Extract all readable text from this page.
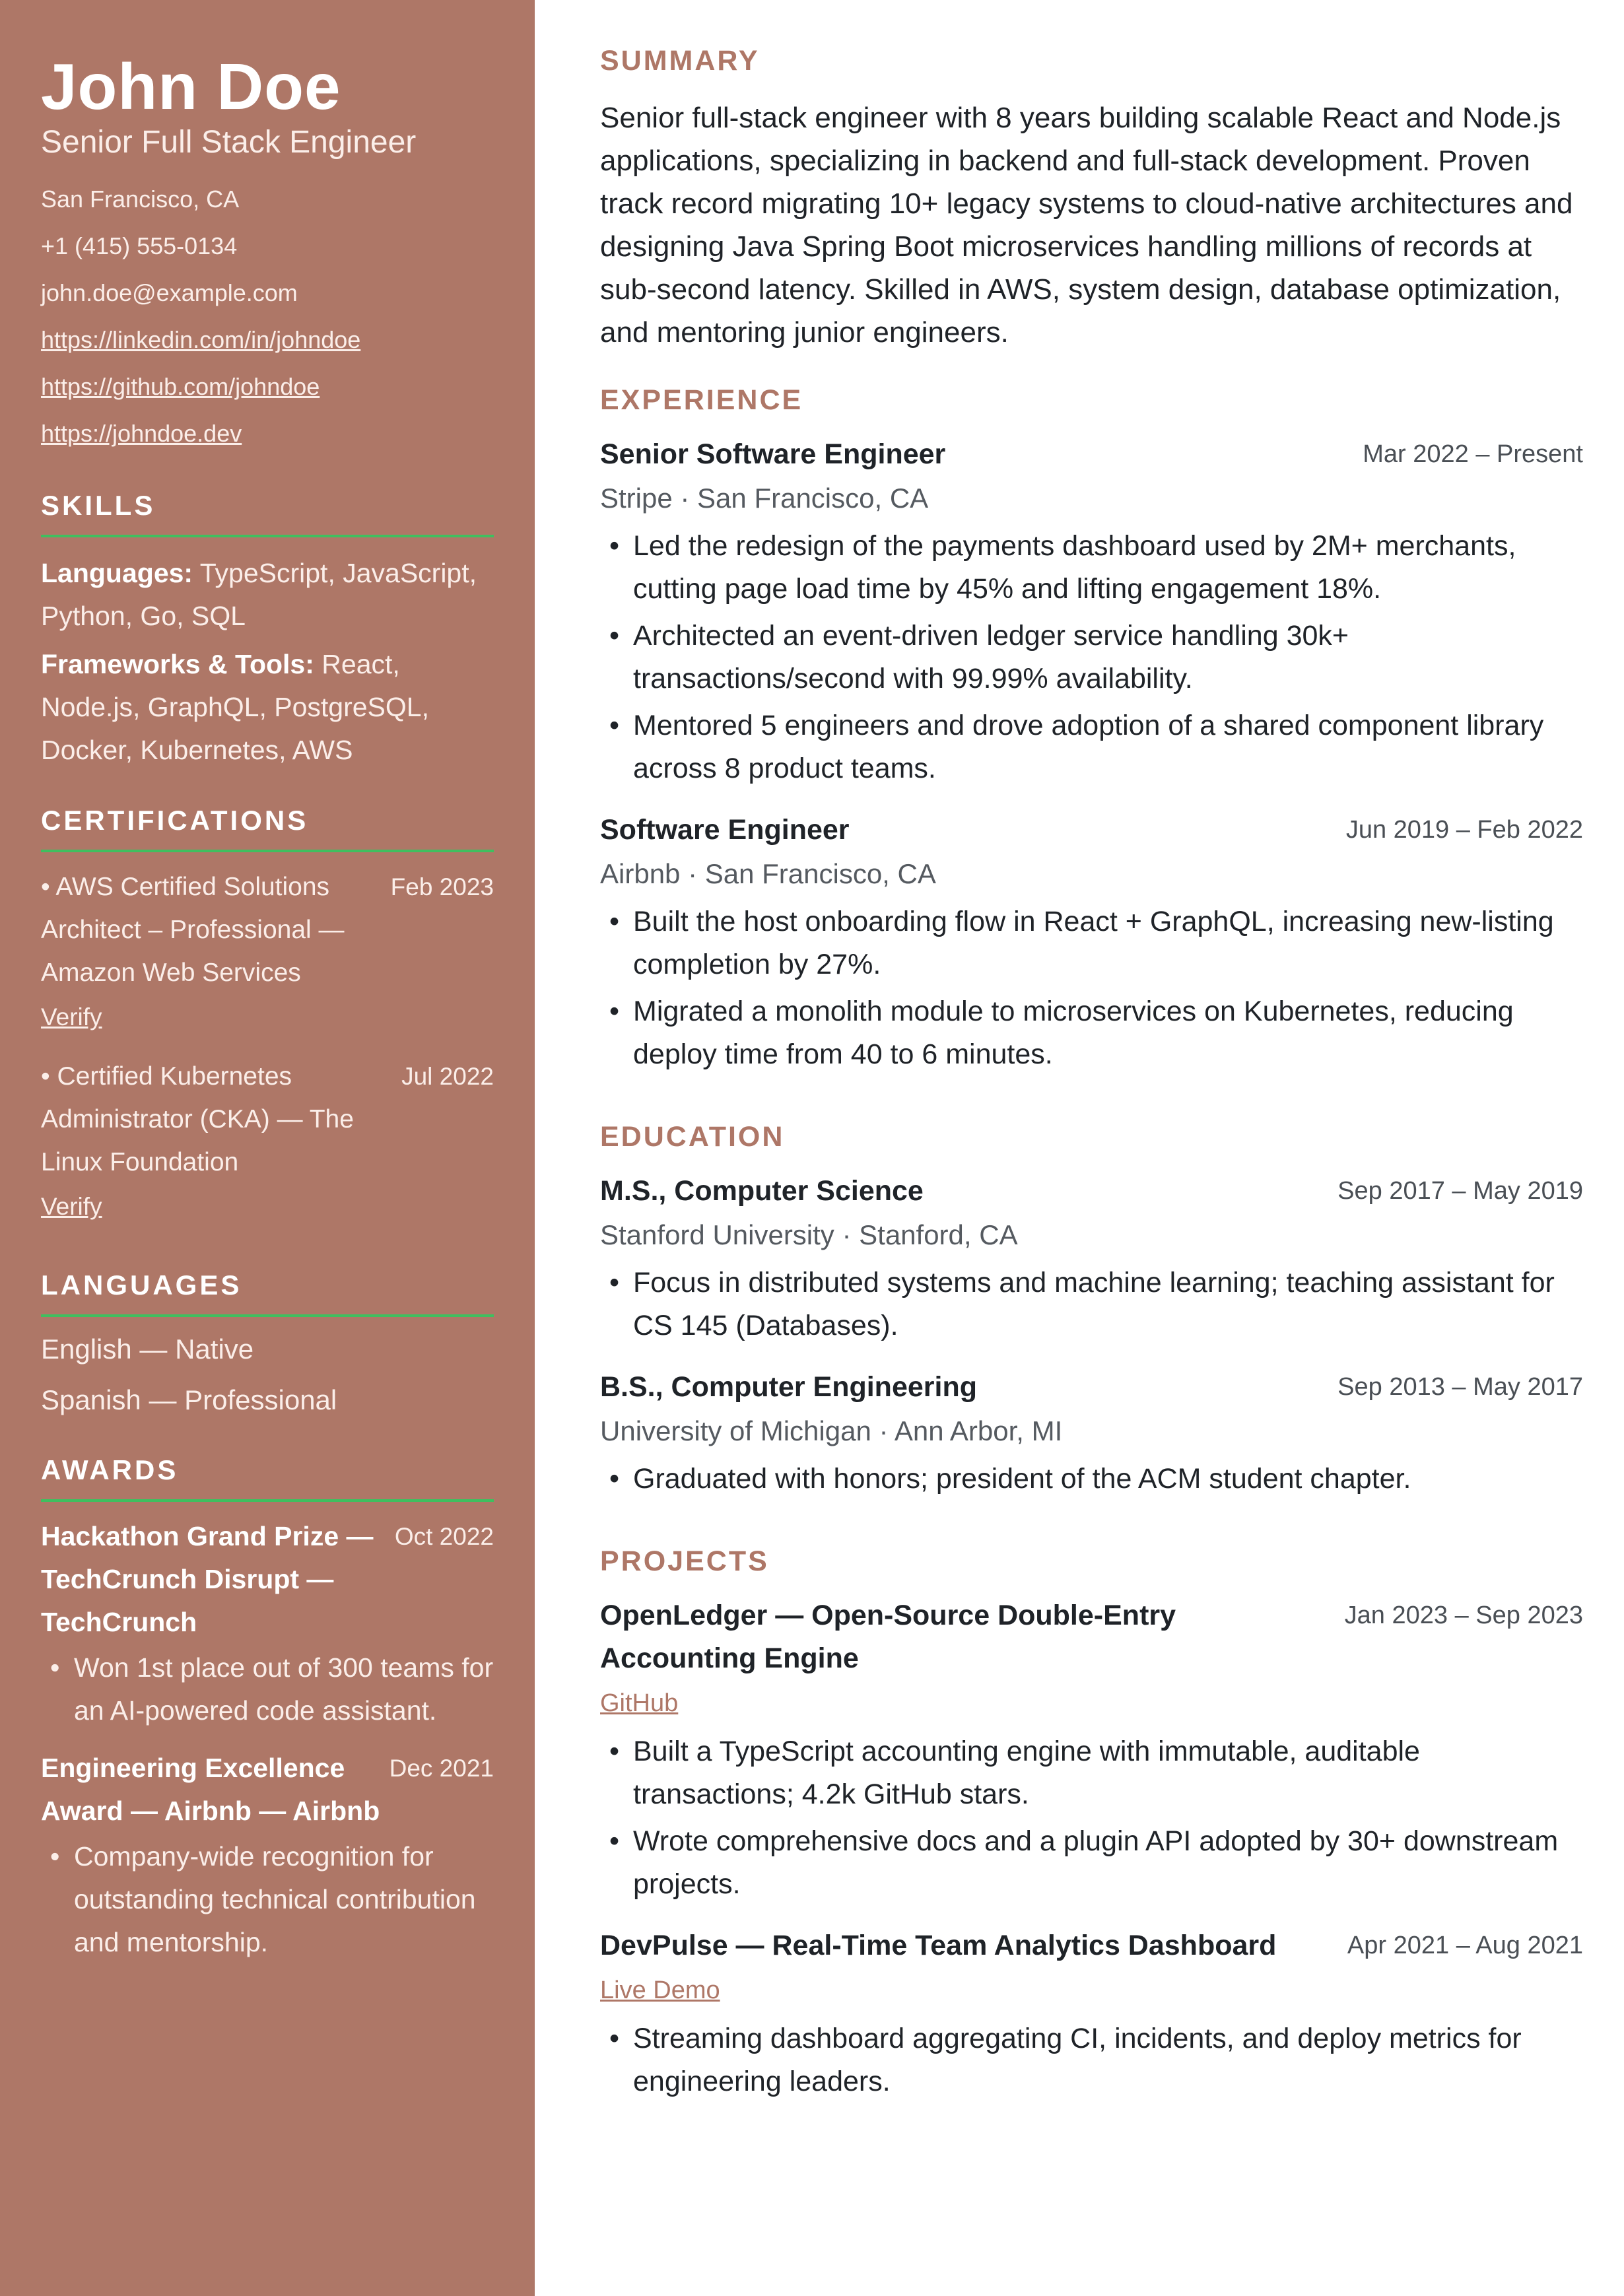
John Doe

Senior Full Stack Engineer

San Francisco, CA

+1 (415) 555-0134

john.doe@example.com

https://linkedin.com/in/johndoe

https://github.com/johndoe

https://johndoe.dev

SKILLS
Languages: TypeScript, JavaScript, Python, Go, SQL
Frameworks & Tools: React, Node.js, GraphQL, PostgreSQL, Docker, Kubernetes, AWS
CERTIFICATIONS
• AWS Certified Solutions Architect – Professional — Amazon Web Services
Feb 2023
Verify
• Certified Kubernetes Administrator (CKA) — The Linux Foundation
Jul 2022
Verify
LANGUAGES
English — Native
Spanish — Professional
AWARDS
Hackathon Grand Prize — TechCrunch Disrupt — TechCrunch
Oct 2022
• Won 1st place out of 300 teams for an AI-powered code assistant.
Engineering Excellence Award — Airbnb — Airbnb
Dec 2021
• Company-wide recognition for outstanding technical contribution and mentorship.
SUMMARY

Senior full-stack engineer with 8 years building scalable React and Node.js applications, specializing in backend and full-stack development. Proven track record migrating 10+ legacy systems to cloud-native architectures and designing Java Spring Boot microservices handling millions of records at sub-second latency. Skilled in AWS, system design, database optimization, and mentoring junior engineers.

EXPERIENCE
Senior Software Engineer	Mar 2022 – Present
Stripe · San Francisco, CA
• Led the redesign of the payments dashboard used by 2M+ merchants, cutting page load time by 45% and lifting engagement 18%.
• Architected an event-driven ledger service handling 30k+ transactions/second with 99.99% availability.
• Mentored 5 engineers and drove adoption of a shared component library across 8 product teams.
Software Engineer	Jun 2019 – Feb 2022
Airbnb · San Francisco, CA
• Built the host onboarding flow in React + GraphQL, increasing new-listing completion by 27%.
• Migrated a monolith module to microservices on Kubernetes, reducing deploy time from 40 to 6 minutes.
EDUCATION
M.S., Computer Science	Sep 2017 – May 2019
Stanford University · Stanford, CA
• Focus in distributed systems and machine learning; teaching assistant for CS 145 (Databases).
B.S., Computer Engineering	Sep 2013 – May 2017
University of Michigan · Ann Arbor, MI
• Graduated with honors; president of the ACM student chapter.
PROJECTS
OpenLedger — Open-Source Double-Entry Accounting Engine
Jan 2023 – Sep 2023
GitHub
• Built a TypeScript accounting engine with immutable, auditable transactions; 4.2k GitHub stars.
• Wrote comprehensive docs and a plugin API adopted by 30+ downstream projects.
DevPulse — Real-Time Team Analytics Dashboard	Apr 2021 – Aug 2021
Live Demo
• Streaming dashboard aggregating CI, incidents, and deploy metrics for engineering leaders.
